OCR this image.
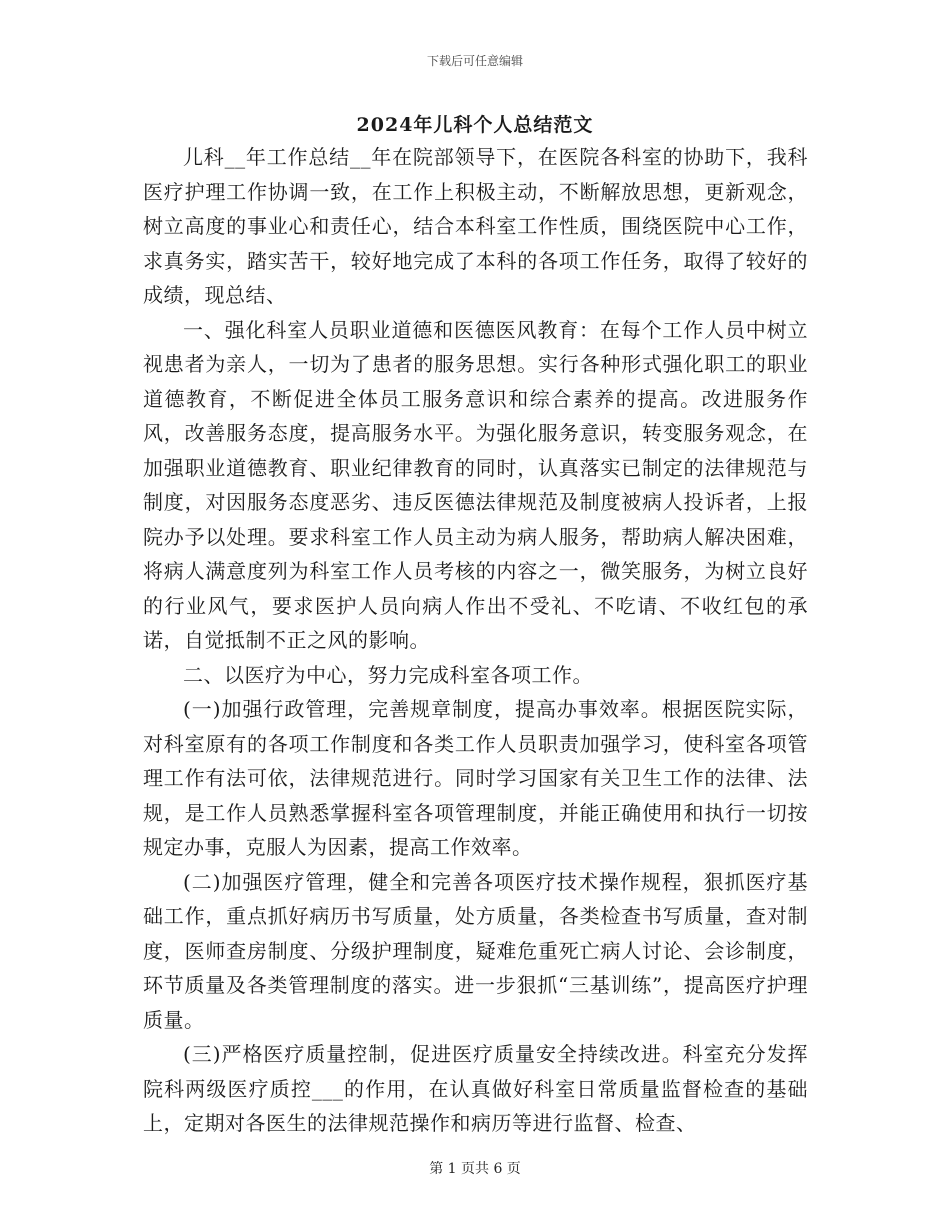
下载后可任意编辑
2024年儿科个人总结范文

儿科__年工作总结__年在院部领导下，在医院各科室的协助下，我科医疗护理工作协调一致，在工作上积极主动，不断解放思想，更新观念，树立高度的事业心和责任心，结合本科室工作性质，围绕医院中心工作，求真务实，踏实苦干，较好地完成了本科的各项工作任务，取得了较好的成绩，现总结、

一、强化科室人员职业道德和医德医风教育：在每个工作人员中树立视患者为亲人，一切为了患者的服务思想。实行各种形式强化职工的职业道德教育，不断促进全体员工服务意识和综合素养的提高。改进服务作风，改善服务态度，提高服务水平。为强化服务意识，转变服务观念，在加强职业道德教育、职业纪律教育的同时，认真落实已制定的法律规范与制度，对因服务态度恶劣、违反医德法律规范及制度被病人投诉者，上报院办予以处理。要求科室工作人员主动为病人服务，帮助病人解决困难，将病人满意度列为科室工作人员考核的内容之一，微笑服务，为树立良好的行业风气，要求医护人员向病人作出不受礼、不吃请、不收红包的承诺，自觉抵制不正之风的影响。

二、以医疗为中心，努力完成科室各项工作。

(一)加强行政管理，完善规章制度，提高办事效率。根据医院实际，对科室原有的各项工作制度和各类工作人员职责加强学习，使科室各项管理工作有法可依，法律规范进行。同时学习国家有关卫生工作的法律、法规，是工作人员熟悉掌握科室各项管理制度，并能正确使用和执行一切按规定办事，克服人为因素，提高工作效率。

(二)加强医疗管理，健全和完善各项医疗技术操作规程，狠抓医疗基础工作，重点抓好病历书写质量，处方质量，各类检查书写质量，查对制度，医师查房制度、分级护理制度，疑难危重死亡病人讨论、会诊制度，环节质量及各类管理制度的落实。进一步狠抓“三基训练”，提高医疗护理质量。

(三)严格医疗质量控制，促进医疗质量安全持续改进。科室充分发挥院科两级医疗质控___的作用，在认真做好科室日常质量监督检查的基础上，定期对各医生的法律规范操作和病历等进行监督、检查、

第 1 页共 6 页
